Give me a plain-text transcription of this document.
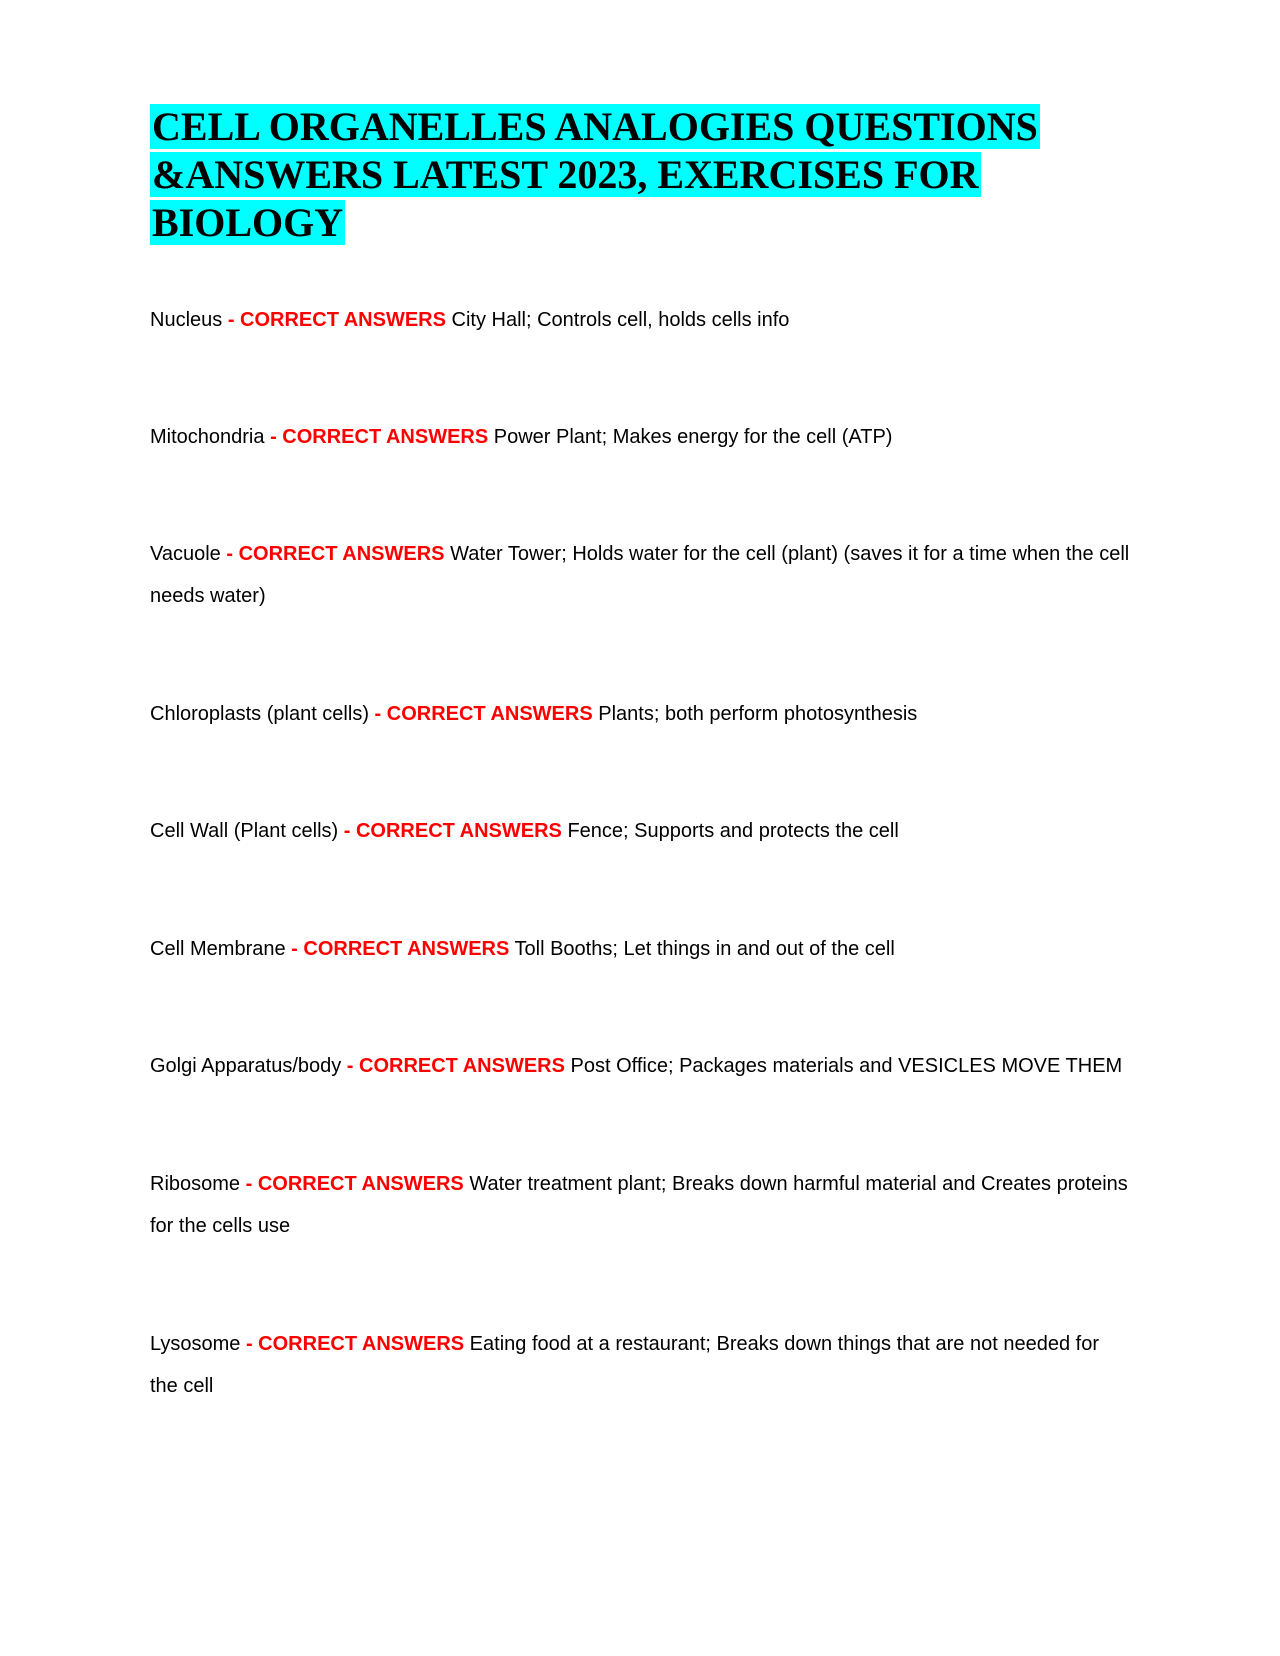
CELL ORGANELLES ANALOGIES QUESTIONS &ANSWERS LATEST 2023, EXERCISES FOR BIOLOGY

Nucleus - CORRECT ANSWERS City Hall; Controls cell, holds cells info

Mitochondria - CORRECT ANSWERS Power Plant; Makes energy for the cell (ATP)

Vacuole - CORRECT ANSWERS Water Tower; Holds water for the cell (plant) (saves it for a time when the cell needs water)

Chloroplasts (plant cells) - CORRECT ANSWERS Plants; both perform photosynthesis

Cell Wall (Plant cells) - CORRECT ANSWERS Fence; Supports and protects the cell

Cell Membrane - CORRECT ANSWERS Toll Booths; Let things in and out of the cell

Golgi Apparatus/body - CORRECT ANSWERS Post Office; Packages materials and VESICLES MOVE THEM

Ribosome - CORRECT ANSWERS Water treatment plant; Breaks down harmful material and Creates proteins for the cells use

Lysosome - CORRECT ANSWERS Eating food at a restaurant; Breaks down things that are not needed for the cell
